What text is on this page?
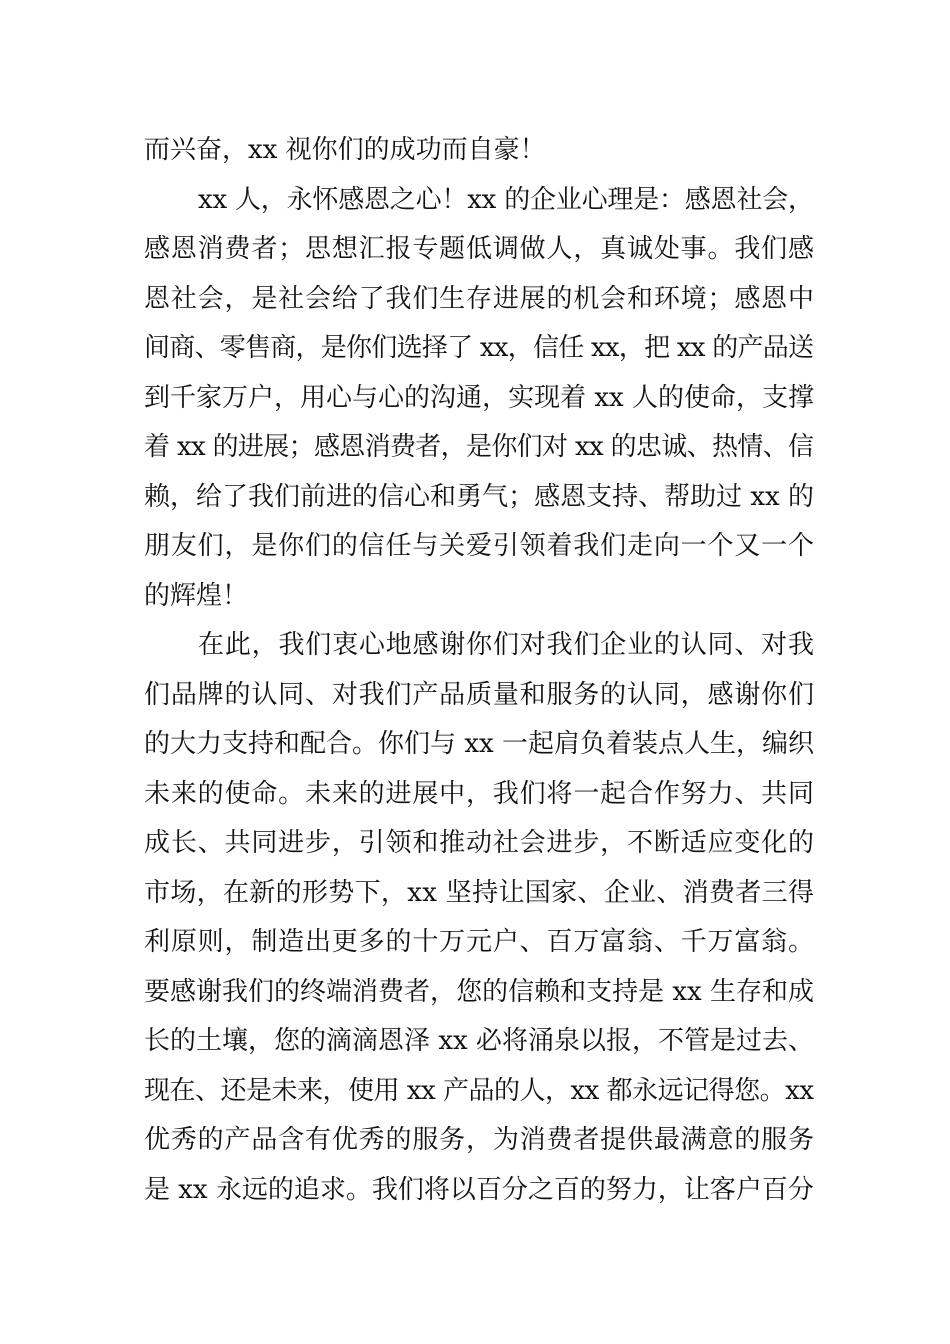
而兴奋，xx 视你们的成功而自豪！
xx 人，永怀感恩之心！xx 的企业心理是：感恩社会，
感恩消费者；思想汇报专题低调做人，真诚处事。我们感
恩社会，是社会给了我们生存进展的机会和环境；感恩中
间商、零售商，是你们选择了 xx，信任 xx，把 xx 的产品送
到千家万户，用心与心的沟通，实现着 xx 人的使命，支撑
着 xx 的进展；感恩消费者，是你们对 xx 的忠诚、热情、信
赖，给了我们前进的信心和勇气；感恩支持、帮助过 xx 的
朋友们，是你们的信任与关爱引领着我们走向一个又一个
的辉煌！
在此，我们衷心地感谢你们对我们企业的认同、对我
们品牌的认同、对我们产品质量和服务的认同，感谢你们
的大力支持和配合。你们与 xx 一起肩负着装点人生，编织
未来的使命。未来的进展中，我们将一起合作努力、共同
成长、共同进步，引领和推动社会进步，不断适应变化的
市场，在新的形势下，xx 坚持让国家、企业、消费者三得
利原则，制造出更多的十万元户、百万富翁、千万富翁。
要感谢我们的终端消费者，您的信赖和支持是 xx 生存和成
长的土壤，您的滴滴恩泽 xx 必将涌泉以报，不管是过去、
现在、还是未来，使用 xx 产品的人，xx 都永远记得您。xx
优秀的产品含有优秀的服务，为消费者提供最满意的服务
是 xx 永远的追求。我们将以百分之百的努力，让客户百分
